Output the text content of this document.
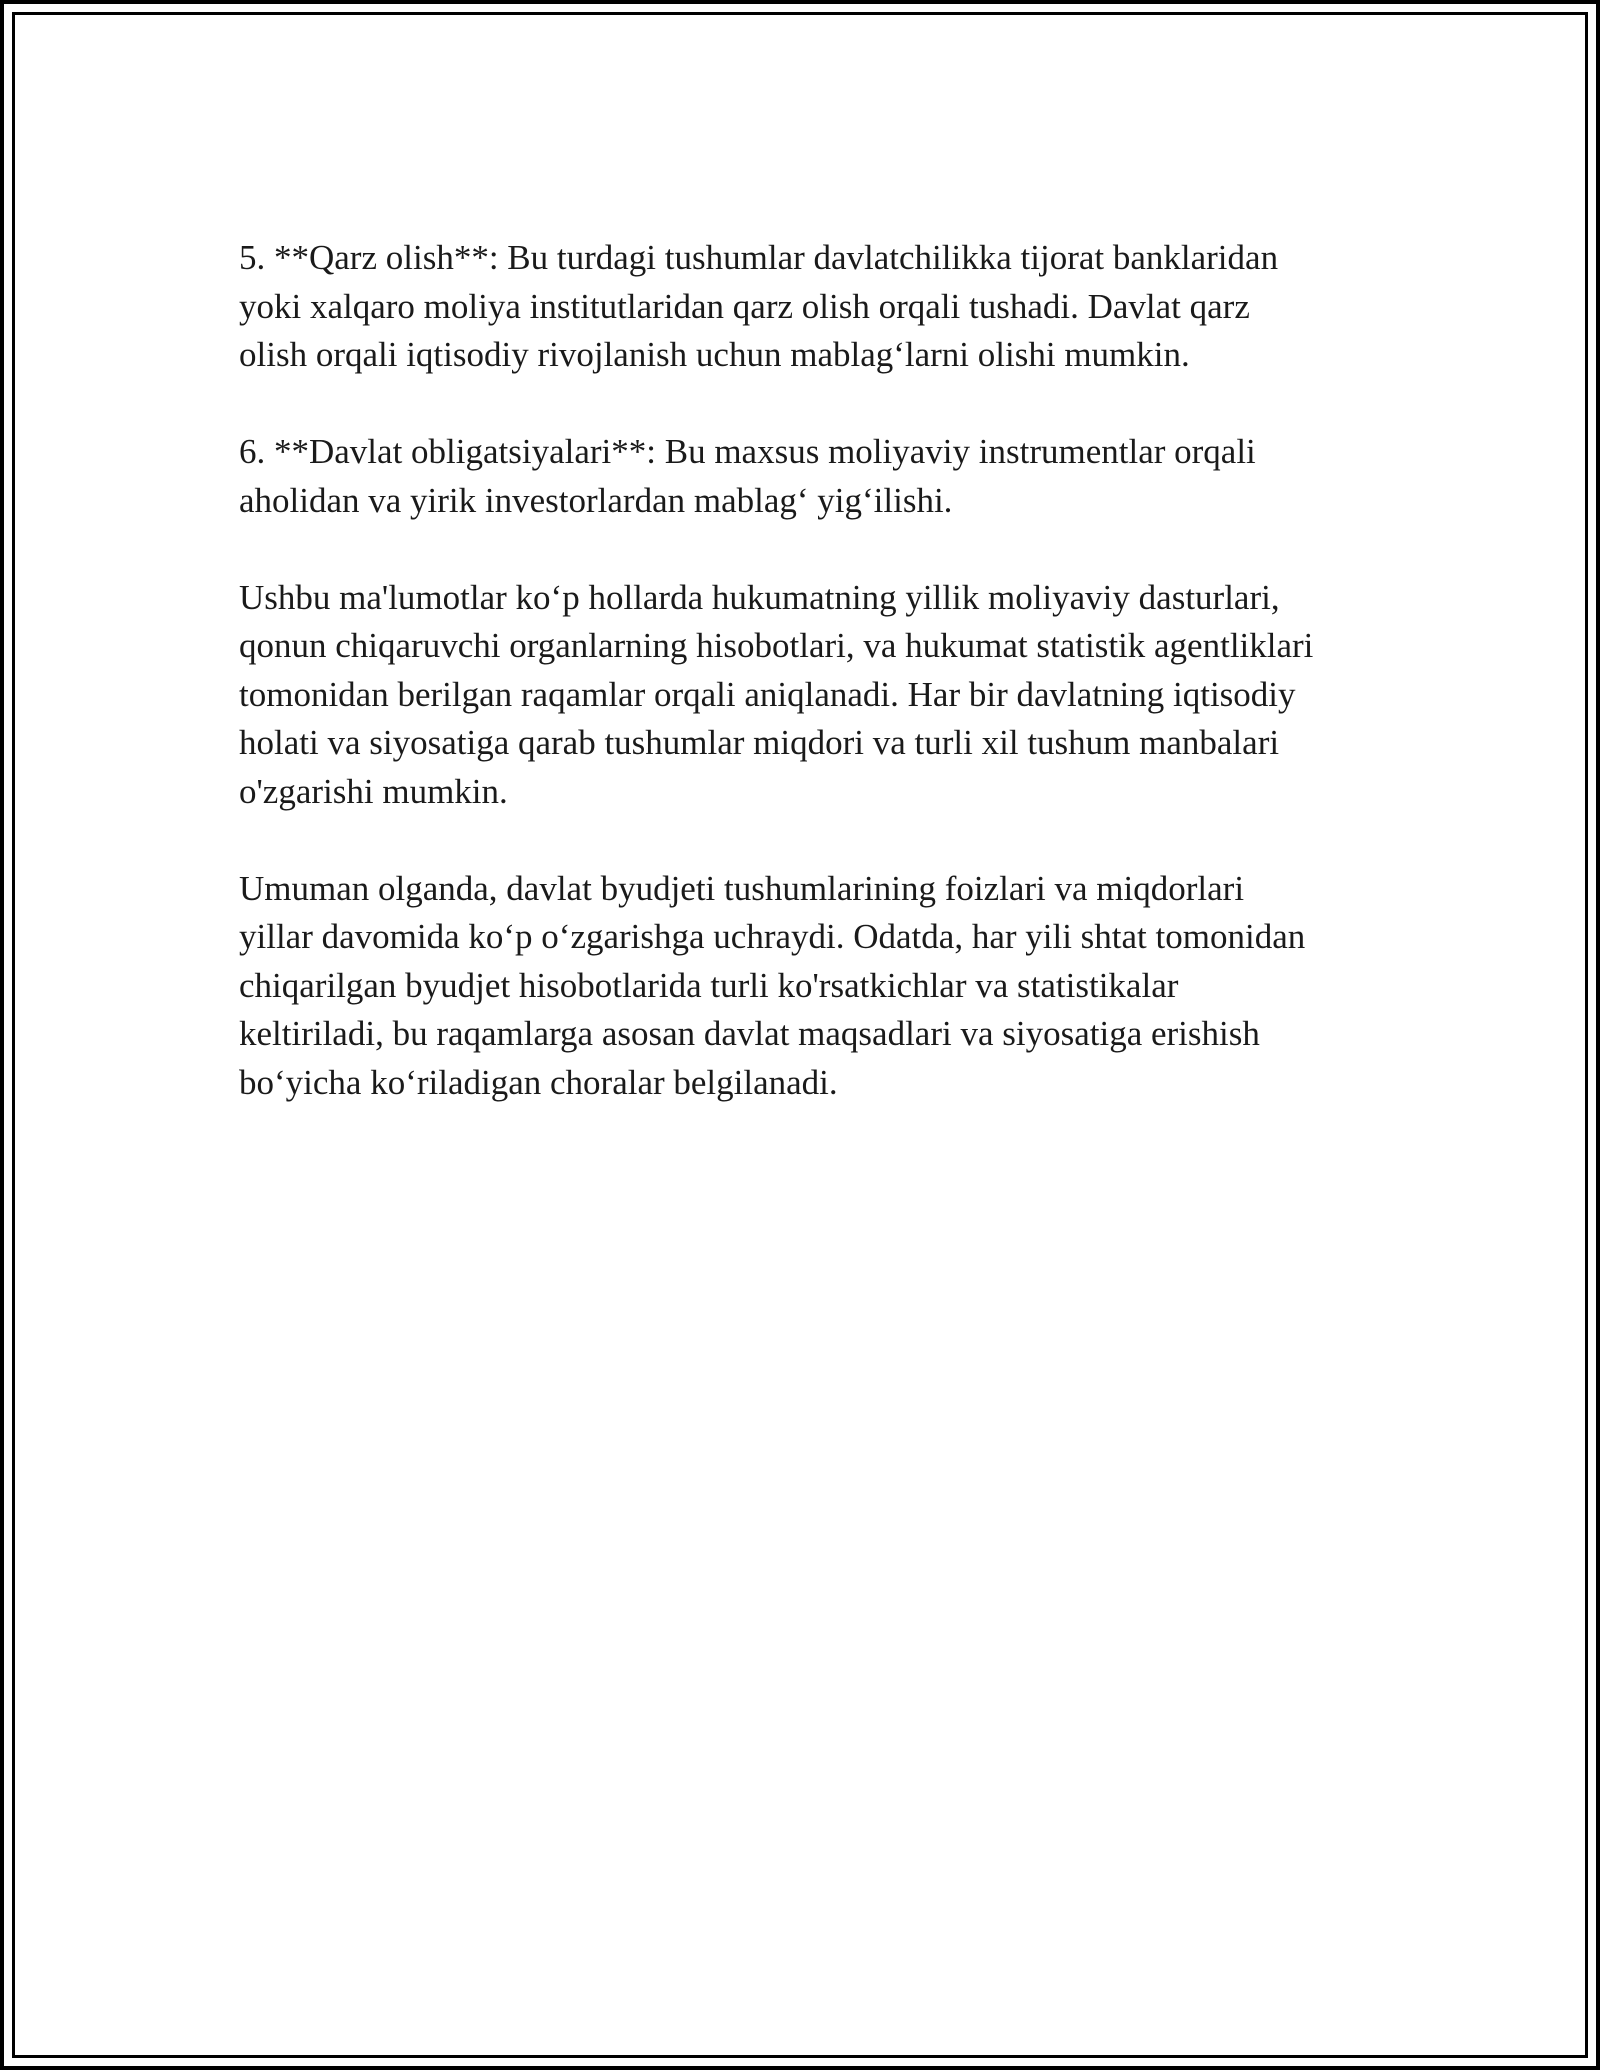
5. **Qarz olish**: Bu turdagi tushumlar davlatchilikka tijorat banklaridan
yoki xalqaro moliya institutlaridan qarz olish orqali tushadi. Davlat qarz
olish orqali iqtisodiy rivojlanish uchun mablag‘larni olishi mumkin.

6. **Davlat obligatsiyalari**: Bu maxsus moliyaviy instrumentlar orqali
aholidan va yirik investorlardan mablag‘ yig‘ilishi.

Ushbu ma'lumotlar ko‘p hollarda hukumatning yillik moliyaviy dasturlari,
qonun chiqaruvchi organlarning hisobotlari, va hukumat statistik agentliklari
tomonidan berilgan raqamlar orqali aniqlanadi. Har bir davlatning iqtisodiy
holati va siyosatiga qarab tushumlar miqdori va turli xil tushum manbalari
o'zgarishi mumkin.

Umuman olganda, davlat byudjeti tushumlarining foizlari va miqdorlari
yillar davomida ko‘p o‘zgarishga uchraydi. Odatda, har yili shtat tomonidan
chiqarilgan byudjet hisobotlarida turli ko'rsatkichlar va statistikalar
keltiriladi, bu raqamlarga asosan davlat maqsadlari va siyosatiga erishish
bo‘yicha ko‘riladigan choralar belgilanadi.
